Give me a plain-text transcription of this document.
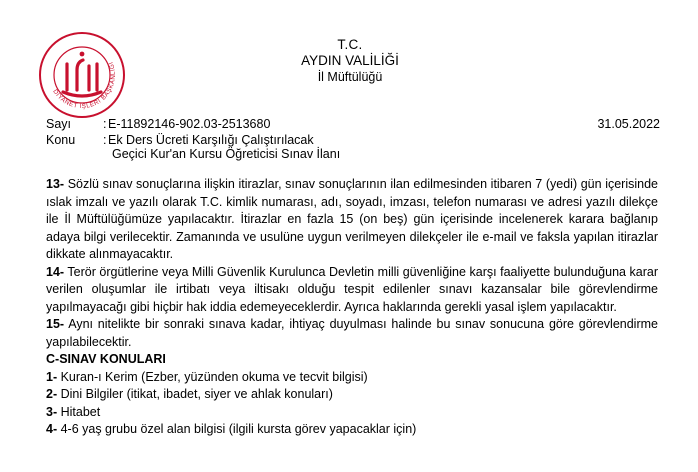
DİYANET İŞLERİ BAŞKANLIĞI
T.C.
AYDIN VALİLİĞİ
İl Müftülüğü
Sayı	: E-11892146-902.03-2513680	31.05.2022
Konu	: Ek Ders Ücreti Karşılığı Çalıştırılacak
Geçici Kur'an Kursu Öğreticisi Sınav İlanı

13- Sözlü sınav sonuçlarına ilişkin itirazlar, sınav sonuçlarının ilan edilmesinden itibaren 7 (yedi) gün içerisinde ıslak imzalı ve yazılı olarak T.C. kimlik numarası, adı, soyadı, imzası, telefon numarası ve adresi yazılı dilekçe ile İl Müftülüğümüze yapılacaktır. İtirazlar en fazla 15 (on beş) gün içerisinde incelenerek karara bağlanıp adaya bilgi verilecektir. Zamanında ve usulüne uygun verilmeyen dilekçeler ile e-mail ve faksla yapılan itirazlar dikkate alınmayacaktır.

14- Terör örgütlerine veya Milli Güvenlik Kurulunca Devletin milli güvenliğine karşı faaliyette bulunduğuna karar verilen oluşumlar ile irtibatı veya iltisakı olduğu tespit edilenler sınavı kazansalar bile görevlendirme yapılmayacağı gibi hiçbir hak iddia edemeyeceklerdir. Ayrıca haklarında gerekli yasal işlem yapılacaktır.

15- Aynı nitelikte bir sonraki sınava kadar, ihtiyaç duyulması halinde bu sınav sonucuna göre görevlendirme yapılabilecektir.

C-SINAV KONULARI

1- Kuran-ı Kerim (Ezber, yüzünden okuma ve tecvit bilgisi)

2- Dini Bilgiler (itikat, ibadet, siyer ve ahlak konuları)

3- Hitabet

4- 4-6 yaş grubu özel alan bilgisi (ilgili kursta görev yapacaklar için)
